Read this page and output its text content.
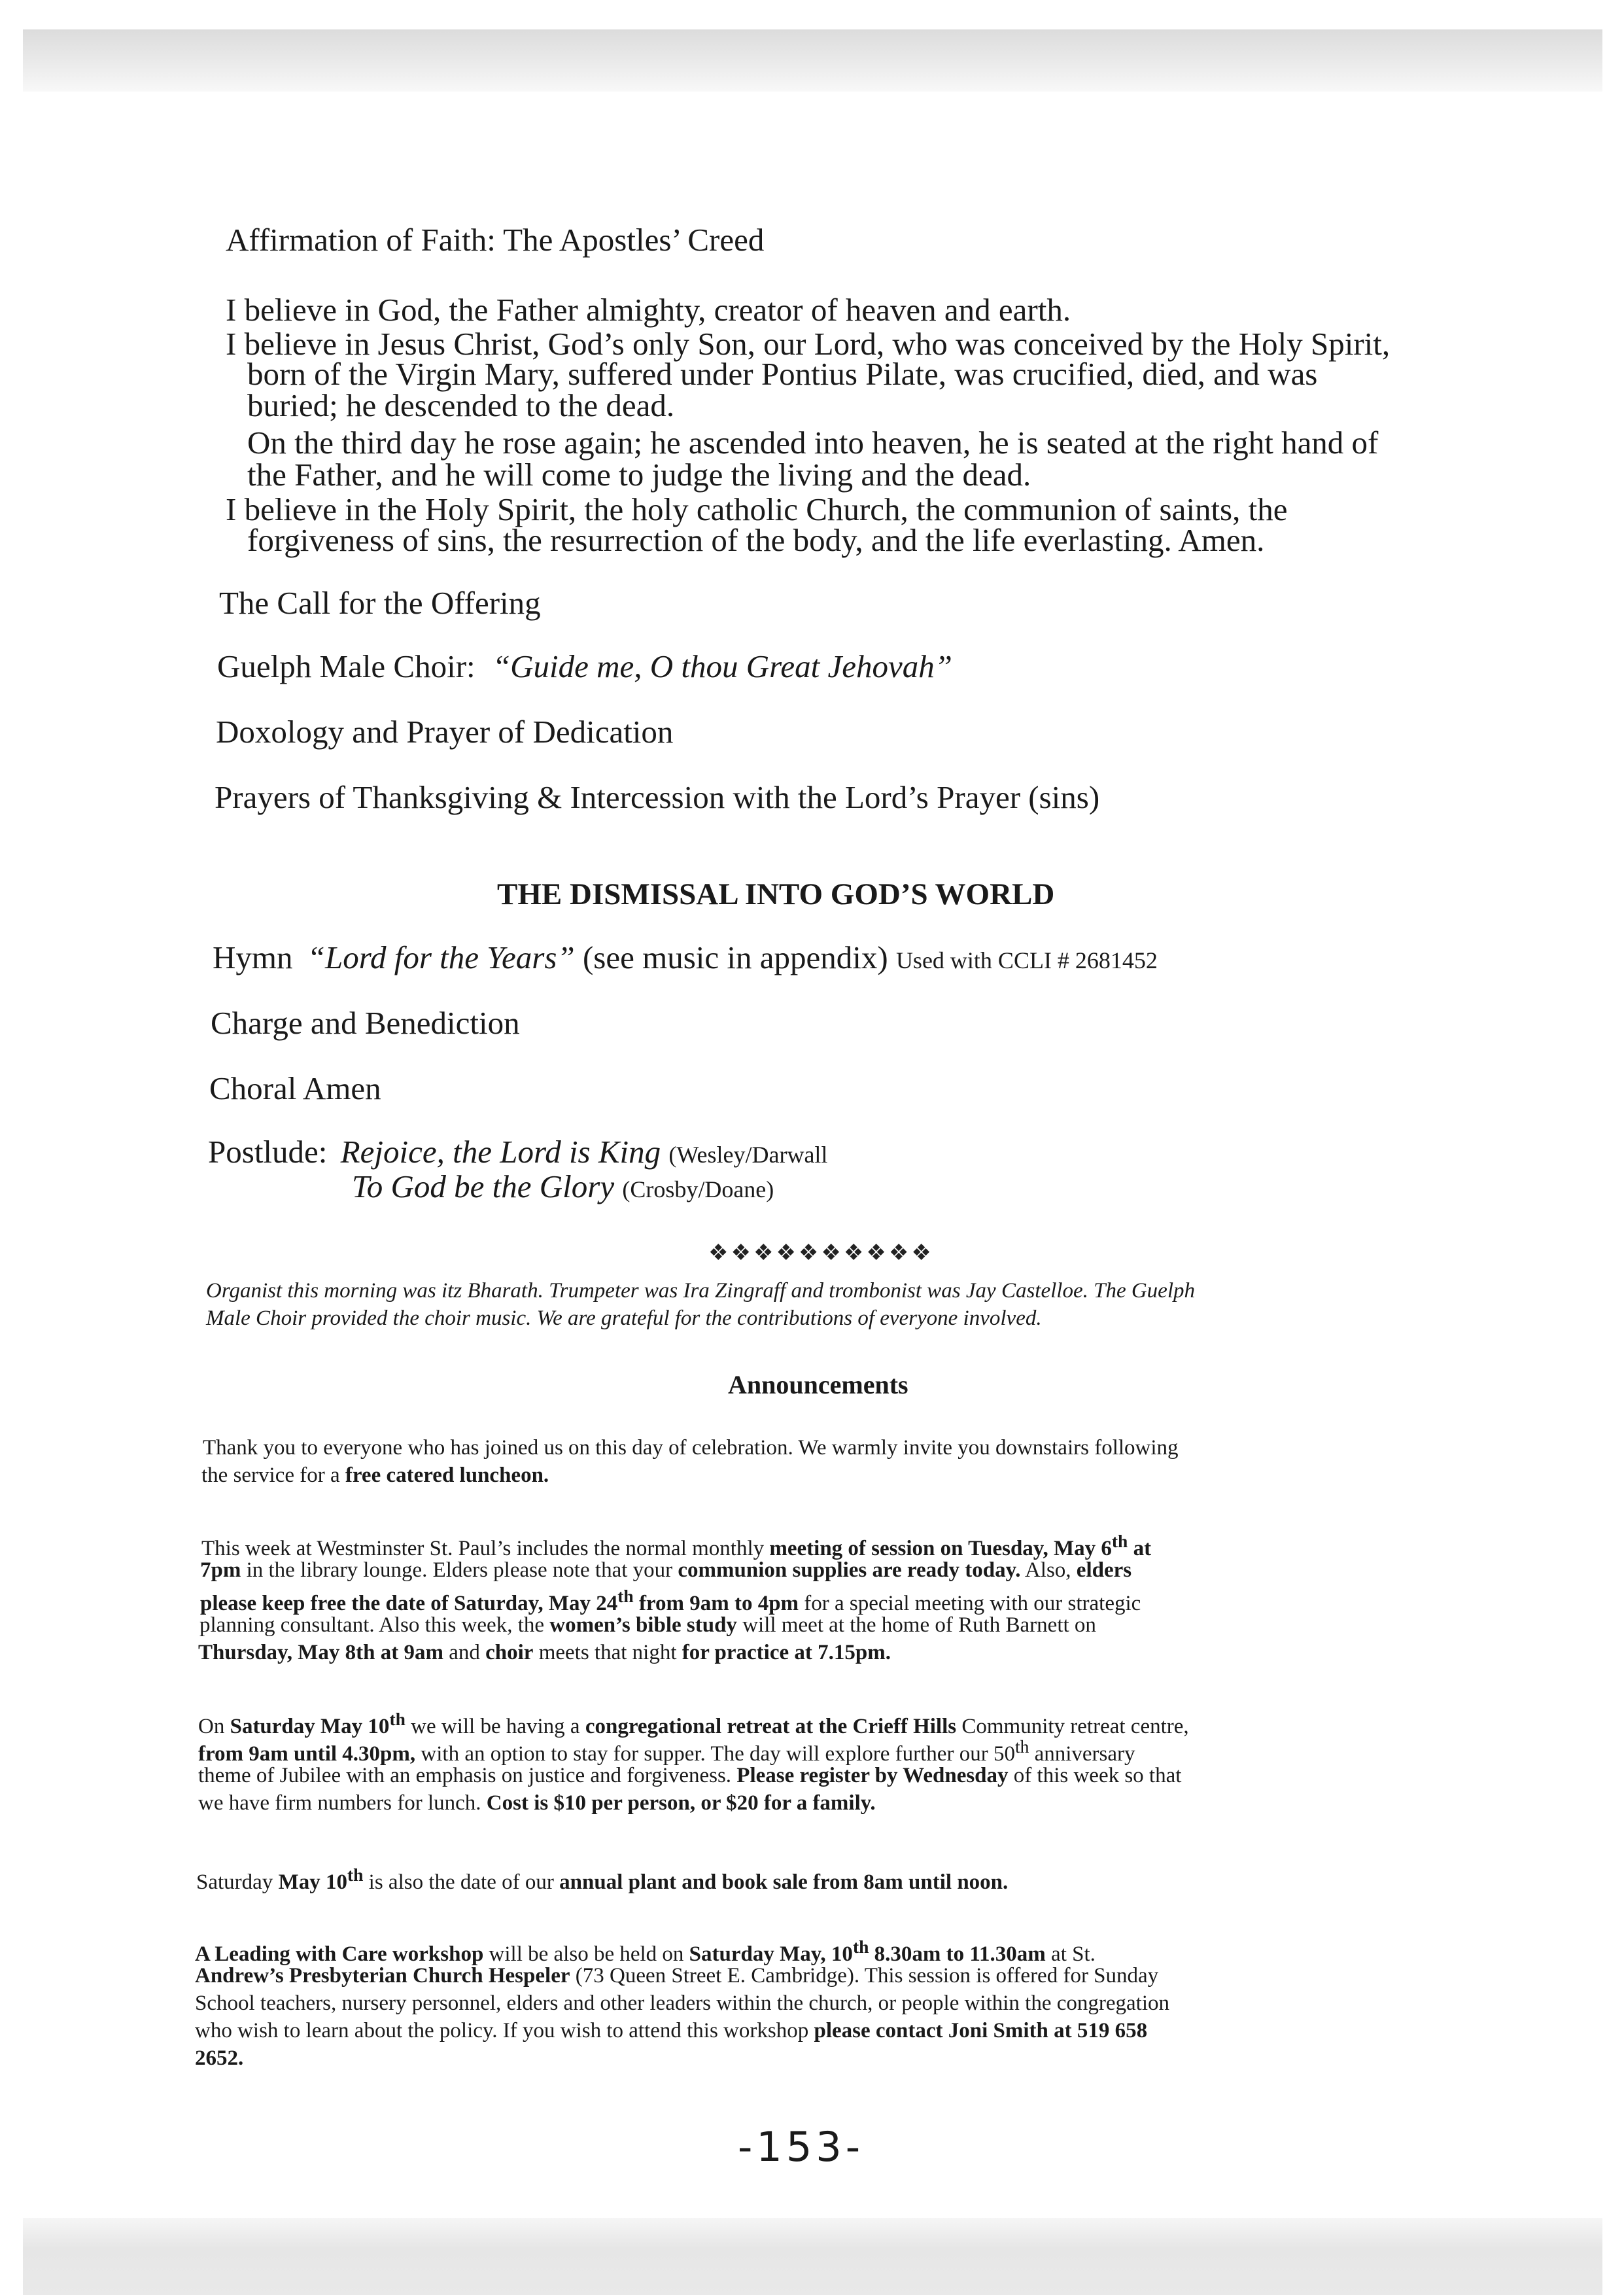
Affirmation of Faith: The Apostles’ Creed

I believe in God, the Father almighty, creator of heaven and earth.

I believe in Jesus Christ, God’s only Son, our Lord, who was conceived by the Holy Spirit,

born of the Virgin Mary, suffered under Pontius Pilate, was crucified, died, and was

buried; he descended to the dead.

On the third day he rose again; he ascended into heaven, he is seated at the right hand of

the Father, and he will come to judge the living and the dead.

I believe in the Holy Spirit, the holy catholic Church, the communion of saints, the

forgiveness of sins, the resurrection of the body, and the life everlasting. Amen.

The Call for the Offering

Guelph Male Choir: “Guide me, O thou Great Jehovah”

Doxology and Prayer of Dedication

Prayers of Thanksgiving & Intercession with the Lord’s Prayer (sins)

THE DISMISSAL INTO GOD’S WORLD

Hymn “Lord for the Years” (see music in appendix) Used with CCLI # 2681452

Charge and Benediction

Choral Amen

Postlude: Rejoice, the Lord is King (Wesley/Darwall

To God be the Glory (Crosby/Doane)

❖❖❖❖❖❖❖❖❖❖

Organist this morning was itz Bharath. Trumpeter was Ira Zingraff and trombonist was Jay Castelloe. The Guelph

Male Choir provided the choir music. We are grateful for the contributions of everyone involved.

Announcements

Thank you to everyone who has joined us on this day of celebration. We warmly invite you downstairs following

the service for a free catered luncheon.

This week at Westminster St. Paul’s includes the normal monthly meeting of session on Tuesday, May 6th at

7pm in the library lounge. Elders please note that your communion supplies are ready today. Also, elders

please keep free the date of Saturday, May 24th from 9am to 4pm for a special meeting with our strategic

planning consultant. Also this week, the women’s bible study will meet at the home of Ruth Barnett on

Thursday, May 8th at 9am and choir meets that night for practice at 7.15pm.

On Saturday May 10th we will be having a congregational retreat at the Crieff Hills Community retreat centre,

from 9am until 4.30pm, with an option to stay for supper. The day will explore further our 50th anniversary

theme of Jubilee with an emphasis on justice and forgiveness. Please register by Wednesday of this week so that

we have firm numbers for lunch. Cost is $10 per person, or $20 for a family.

Saturday May 10th is also the date of our annual plant and book sale from 8am until noon.

A Leading with Care workshop will be also be held on Saturday May, 10th 8.30am to 11.30am at St.

Andrew’s Presbyterian Church Hespeler (73 Queen Street E. Cambridge). This session is offered for Sunday

School teachers, nursery personnel, elders and other leaders within the church, or people within the congregation

who wish to learn about the policy. If you wish to attend this workshop please contact Joni Smith at 519 658

2652.

-153-
